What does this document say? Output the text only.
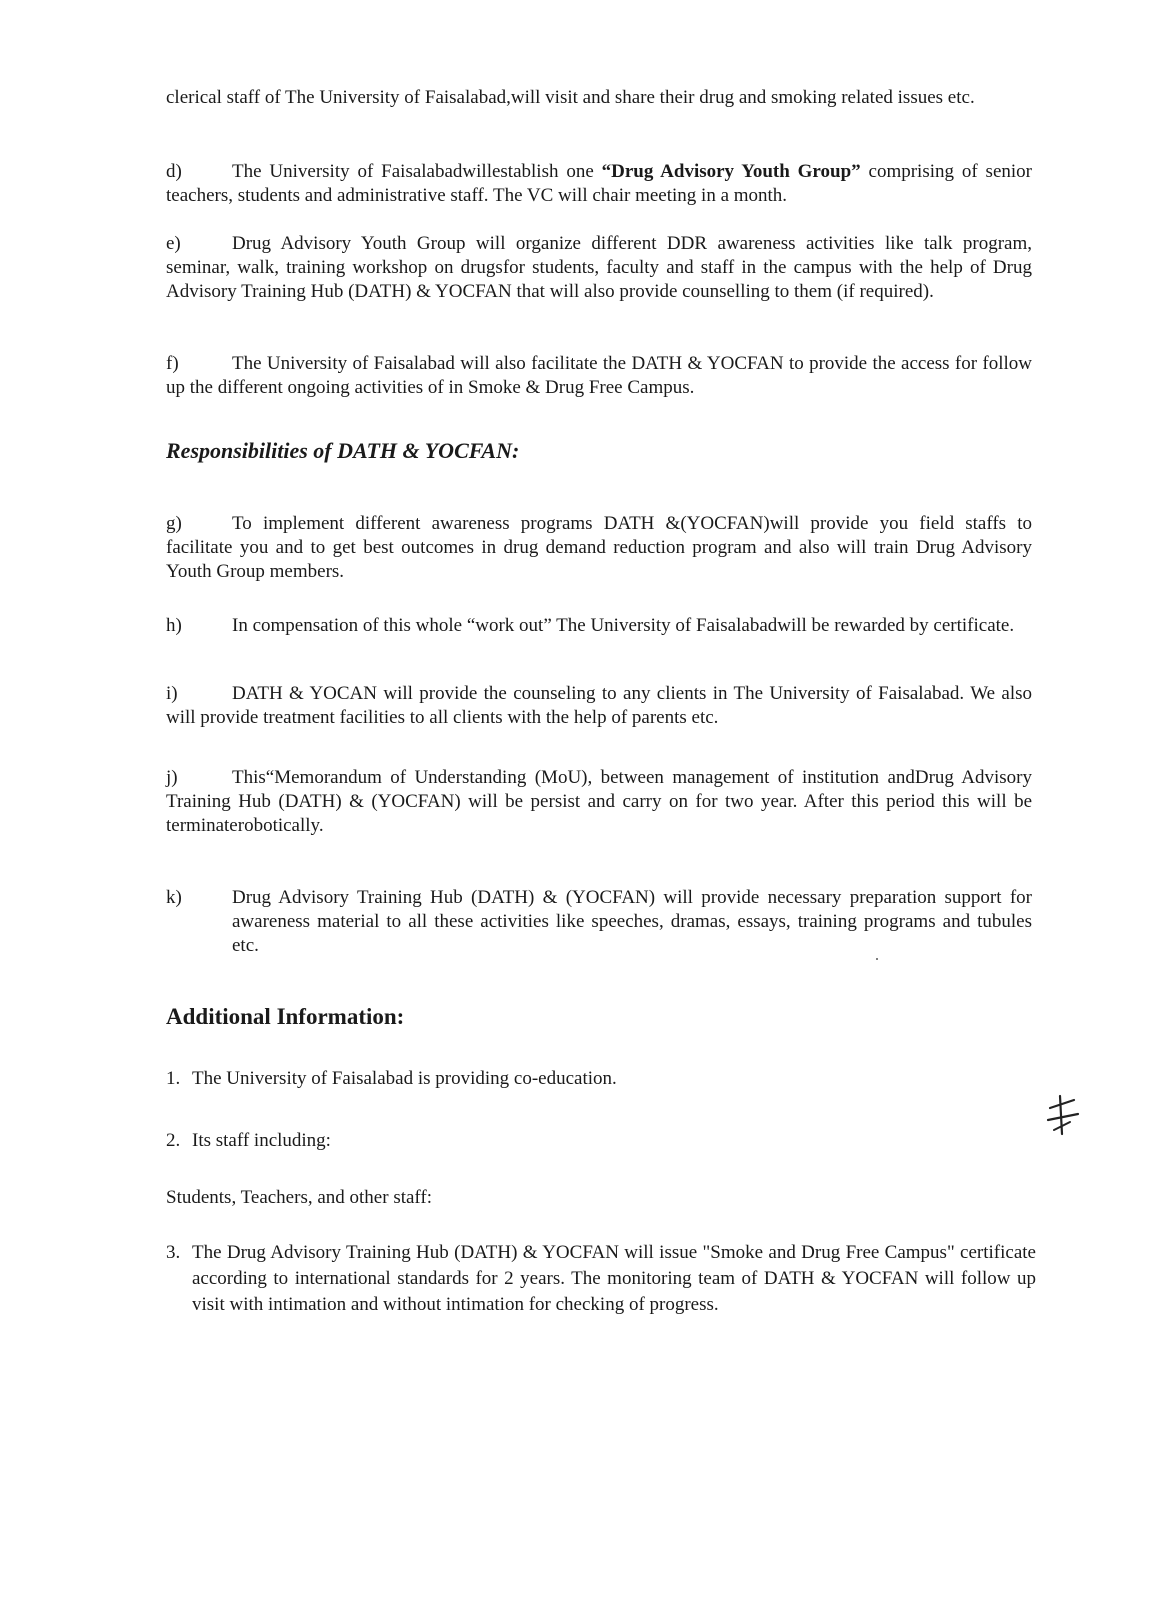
clerical staff of The University of Faisalabad,will visit and share their drug and smoking related issues etc.
d)	The University of Faisalabadwillestablish one “Drug Advisory Youth Group” comprising of senior teachers, students and administrative staff. The VC will chair meeting in a month.
e)	Drug Advisory Youth Group will organize different DDR awareness activities like talk program, seminar, walk, training workshop on drugsfor students, faculty and staff in the campus with the help of Drug Advisory Training Hub (DATH) & YOCFAN that will also provide counselling to them (if required).
f)	The University of Faisalabad will also facilitate the DATH & YOCFAN to provide the access for follow up the different ongoing activities of in Smoke & Drug Free Campus.
Responsibilities of DATH & YOCFAN:
g)	To implement different awareness programs DATH &(YOCFAN)will provide you field staffs to facilitate you and to get best outcomes in drug demand reduction program and also will train Drug Advisory Youth Group members.
h)	In compensation of this whole “work out” The University of Faisalabadwill be rewarded by certificate.
i)	DATH & YOCAN will provide the counseling to any clients in The University of Faisalabad. We also will provide treatment facilities to all clients with the help of parents etc.
j)	This“Memorandum of Understanding (MoU), between management of institution andDrug Advisory Training Hub (DATH) & (YOCFAN) will be persist and carry on for two year. After this period this will be terminaterobotically.
k)	Drug Advisory Training Hub (DATH) & (YOCFAN) will provide necessary preparation support for awareness material to all these activities like speeches, dramas, essays, training programs and tubules etc.
Additional Information:
1. The University of Faisalabad is providing co-education.
2. Its staff including:
Students, Teachers, and other staff:
3. The Drug Advisory Training Hub (DATH) & YOCFAN will issue "Smoke and Drug Free Campus" certificate according to international standards for 2 years. The monitoring team of DATH & YOCFAN will follow up visit with intimation and without intimation for checking of progress.
